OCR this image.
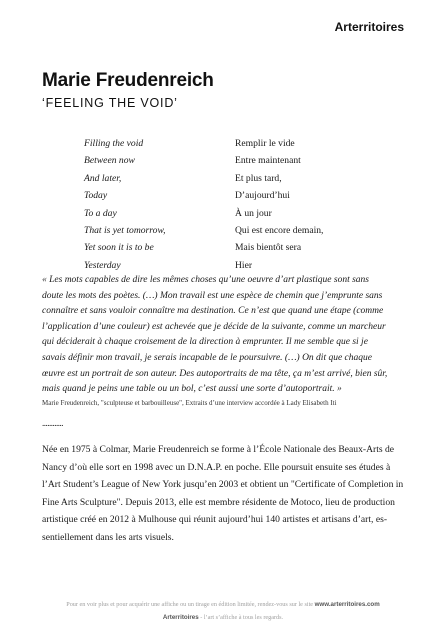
Arterritoires
Marie Freudenreich
‘FEELING THE VOID’
Filling the void
Between now
And later,
Today
To a day
That is yet tomorrow,
Yet soon it is to be
Yesterday
Remplir le vide
Entre maintenant
Et plus tard,
D’aujourd’hui
À un jour
Qui est encore demain,
Mais bientôt sera
Hier
« Les mots capables de dire les mêmes choses qu’une oeuvre d’art plastique sont sans
doute les mots des poètes. (…) Mon travail est une espèce de chemin que j’emprunte sans
connaître et sans vouloir connaître ma destination. Ce n’est que quand une étape (comme
l’application d’une couleur) est achevée que je décide de la suivante, comme un marcheur
qui déciderait à chaque croisement de la direction à emprunter. Il me semble que si je
savais définir mon travail, je serais incapable de le poursuivre. (…) On dit que chaque
œuvre est un portrait de son auteur. Des autoportraits de ma tête, ça m’est arrivé, bien sûr,
mais quand je peins une table ou un bol, c’est aussi une sorte d’autoportrait. »
Marie Freudenreich, "sculpteuse et barbouilleuse", Extraits d’une interview accordée à Lady Elisabeth Iti
............
Née en 1975 à Colmar, Marie Freudenreich se forme à l’École Nationale des Beaux-Arts de
Nancy d’où elle sort en 1998 avec un D.N.A.P. en poche. Elle poursuit ensuite ses études à
l’Art Student’s League of New York jusqu’en 2003 et obtient un "Certificate of Completion in
Fine Arts Sculpture". Depuis 2013, elle est membre résidente de Motoco, lieu de production
artistique créé en 2012 à Mulhouse qui réunit aujourd’hui 140 artistes et artisans d’art, es-
sentiellement dans les arts visuels.
Pour en voir plus et pour acquérir une affiche ou un tirage en édition limitée, rendez-vous sur le site www.arterritoires.com
Arterritoires - l’art s’affiche à tous les regards.
